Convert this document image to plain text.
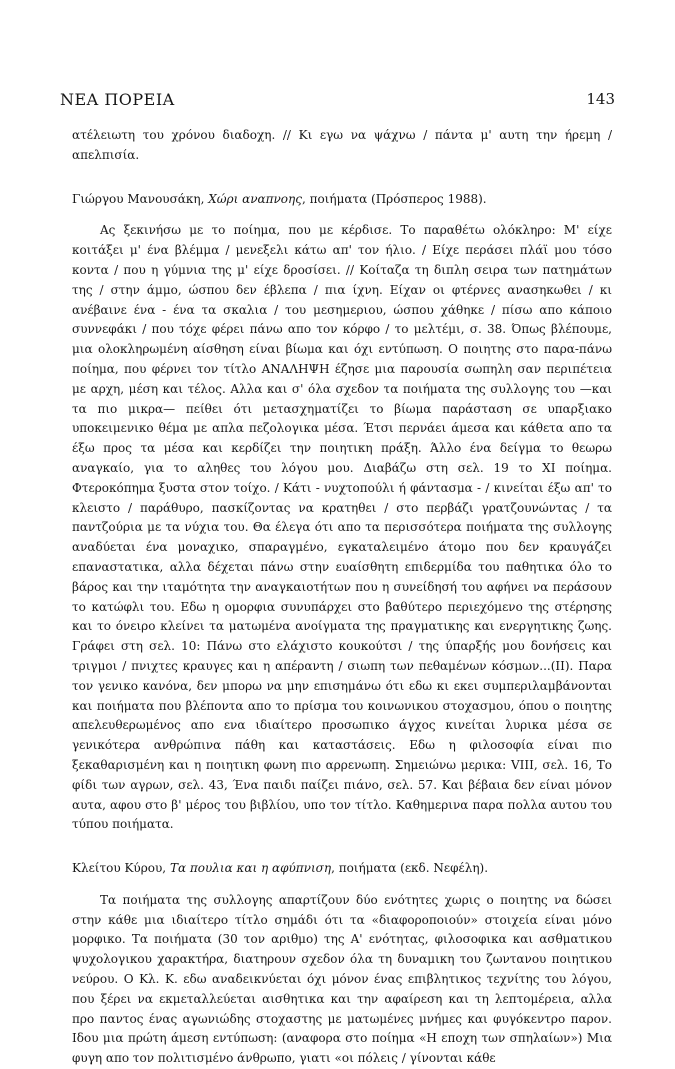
ΝΕΑ ΠΟΡΕΙΑ	143

ατέλειωτη του χρόνου διαδοχη. // Κι εγω να ψάχνω / πάντα μ' αυτη την ήρεμη / απελπισία.

Γιώργου Μανουσάκη, Χώρι αναπνοης, ποιήματα (Πρόσπερος 1988).

Ας ξεκινήσω με το ποίημα, που με κέρδισε. Το παραθέτω ολόκληρο: Μ' είχε κοιτάξει μ' ένα βλέμμα / μενεξελι κάτω απ' τον ήλιο. / Είχε περάσει πλάϊ μου τόσο κοντα / που η γύμνια της μ' είχε δροσίσει. // Κοίταζα τη διπλη σειρα των πατημάτων της / στην άμμο, ώσπου δεν έβλεπα / πια ίχνη. Είχαν οι φτέρνες ανασηκωθει / κι ανέβαινε ένα - ένα τα σκαλια / του μεσημεριου, ώσπου χάθηκε / πίσω απο κάποιο συννεφάκι / που τόχε φέρει πάνω απο τον κόρφο / το μελτέμι, σ. 38. Όπως βλέπουμε, μια ολοκληρωμένη αίσθηση είναι βίωμα και όχι εντύπωση. Ο ποιητης στο παρα-πάνω ποίημα, που φέρνει τον τίτλο ΑΝΑΛΗΨΗ έζησε μια παρουσία σωπηλη σαν περιπέτεια με αρχη, μέση και τέλος. Αλλα και σ' όλα σχεδον τα ποιήματα της συλλογης του —και τα πιο μικρα— πείθει ότι μετασχηματίζει το βίωμα παράσταση σε υπαρξιακο υποκειμενικο θέμα με απλα πεζολογικα μέσα. Έτσι περνάει άμεσα και κάθετα απο τα έξω προς τα μέσα και κερδίζει την ποιητικη πράξη. Άλλο ένα δείγμα το θεωρω αναγκαίο, για το αληθες του λόγου μου. Διαβάζω στη σελ. 19 το XI ποίημα. Φτεροκόπημα ξυστα στον τοίχο. / Κάτι - νυχτοπούλι ή φάντασμα - / κινείται έξω απ' το κλειστο / παράθυρο, πασκίζοντας να κρατηθει / στο περβάζι γρατζουνώντας / τα παντζούρια με τα νύχια του. Θα έλεγα ότι απο τα περισσότερα ποιήματα της συλλογης αναδύεται ένα μοναχικο, σπαραγμένο, εγκαταλειμένο άτομο που δεν κραυγάζει επαναστατικα, αλλα δέχεται πάνω στην ευαίσθητη επιδερμίδα του παθητικα όλο το βάρος και την ιταμότητα την αναγκαιοτήτων που η συνείδησή του αφήνει να περάσουν το κατώφλι του. Εδω η ομορφια συνυπάρχει στο βαθύτερο περιεχόμενο της στέρησης και το όνειρο κλείνει τα ματωμένα ανοίγματα της πραγματικης και ενεργητικης ζωης. Γράφει στη σελ. 10: Πάνω στο ελάχιστο κουκούτσι / της ύπαρξής μου δονήσεις και τριγμοι / πνιχτες κραυγες και η απέραντη / σιωπη των πεθαμένων κόσμων...(II). Παρα τον γενικο κανόνα, δεν μπορω να μην επισημάνω ότι εδω κι εκει συμπεριλαμβάνονται και ποιήματα που βλέποντα απο το πρίσμα του κοινωνικου στοχασμου, όπου ο ποιητης απελευθερωμένος απο ενα ιδιαίτερο προσωπικο άγχος κινείται λυρικα μέσα σε γενικότερα ανθρώπινα πάθη και καταστάσεις. Εδω η φιλοσοφία είναι πιο ξεκαθαρισμένη και η ποιητικη φωνη πιο αρρενωπη. Σημειώνω μερικα: VIII, σελ. 16, Το φίδι των αγρων, σελ. 43, Ένα παιδι παίζει πιάνο, σελ. 57. Και βέβαια δεν είναι μόνον αυτα, αφου στο β' μέρος του βιβλίου, υπο τον τίτλο. Καθημερινα παρα πολλα αυτου του τύπου ποιήματα.

Κλείτου Κύρου, Τα πουλια και η αφύπνιση, ποιήματα (εκδ. Νεφέλη).

Τα ποιήματα της συλλογης απαρτίζουν δύο ενότητες χωρις ο ποιητης να δώσει στην κάθε μια ιδιαίτερο τίτλο σημάδι ότι τα «διαφοροποιούν» στοιχεία είναι μόνο μορφικο. Τα ποιήματα (30 τον αριθμο) της Α' ενότητας, φιλοσοφικα και ασθματικου ψυχολογικου χαρακτήρα, διατηρουν σχεδον όλα τη δυναμικη του ζωντανου ποιητικου νεύρου. Ο Κλ. Κ. εδω αναδεικνύεται όχι μόνον ένας επιβλητικος τεχνίτης του λόγου, που ξέρει να εκμεταλλεύεται αισθητικα και την αφαίρεση και τη λεπτομέρεια, αλλα προ παντος ένας αγωνιώδης στοχαστης με ματωμένες μνήμες και φυγόκεντρο παρον. Ιδου μια πρώτη άμεση εντύπωση: (αναφορα στο ποίημα «Η εποχη των σπηλαίων») Μια φυγη απο τον πολιτισμένο άνθρωπο, γιατι «οι πόλεις / γίνονται κάθε
